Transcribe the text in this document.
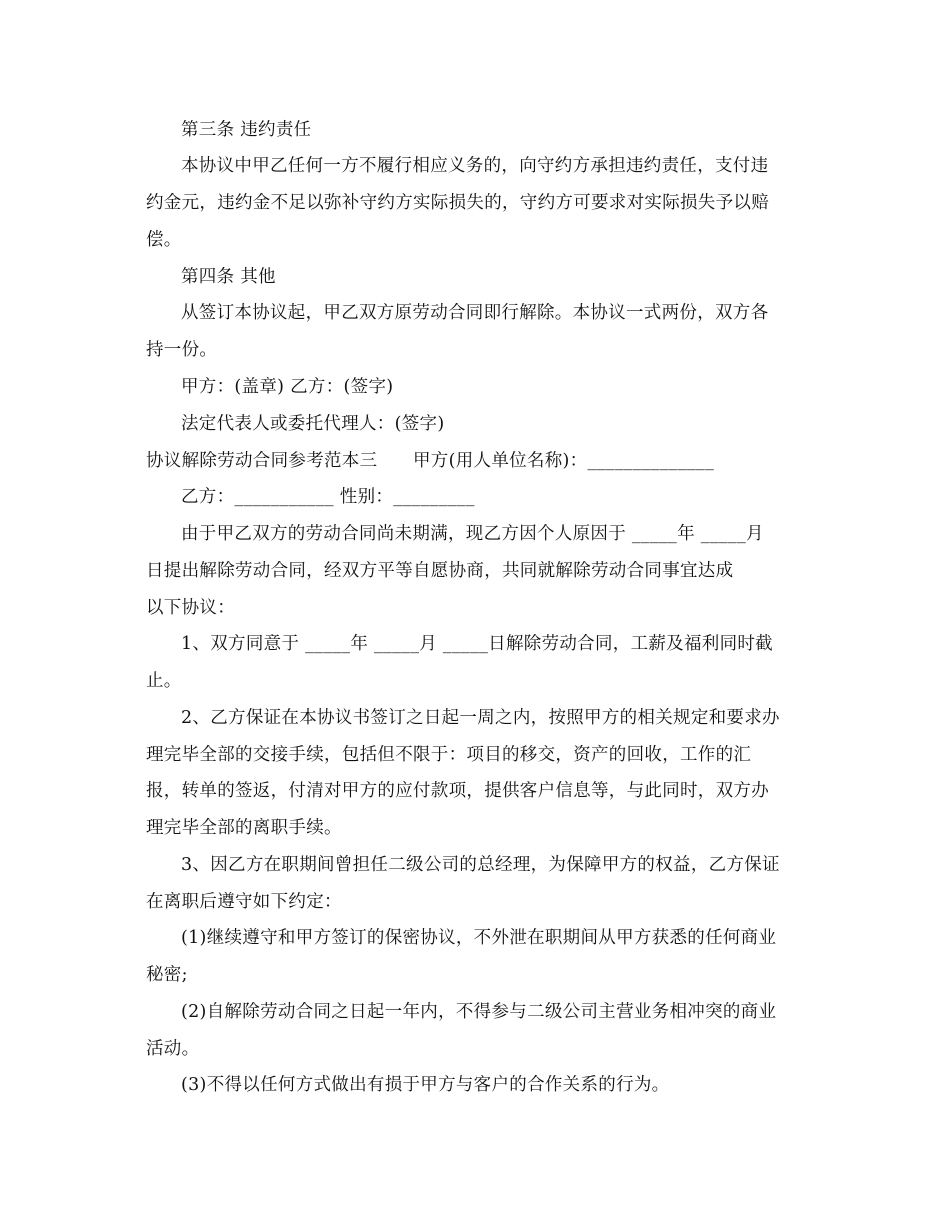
第三条 违约责任
本协议中甲乙任何一方不履行相应义务的，向守约方承担违约责任，支付违
约金元，违约金不足以弥补守约方实际损失的，守约方可要求对实际损失予以赔
偿。
第四条 其他
从签订本协议起，甲乙双方原劳动合同即行解除。本协议一式两份，双方各
持一份。
甲方：(盖章) 乙方：(签字)
法定代表人或委托代理人：(签字)
协议解除劳动合同参考范本三　　甲方(用人单位名称)：______________
乙方：___________ 性别：_________
由于甲乙双方的劳动合同尚未期满，现乙方因个人原因于 _____年 _____月
日提出解除劳动合同，经双方平等自愿协商，共同就解除劳动合同事宜达成
以下协议：
1、双方同意于 _____年 _____月 _____日解除劳动合同，工薪及福利同时截
止。
2、乙方保证在本协议书签订之日起一周之内，按照甲方的相关规定和要求办
理完毕全部的交接手续，包括但不限于：项目的移交，资产的回收，工作的汇
报，转单的签返，付清对甲方的应付款项，提供客户信息等，与此同时，双方办
理完毕全部的离职手续。
3、因乙方在职期间曾担任二级公司的总经理，为保障甲方的权益，乙方保证
在离职后遵守如下约定：
(1)继续遵守和甲方签订的保密协议，不外泄在职期间从甲方获悉的任何商业
秘密;
(2)自解除劳动合同之日起一年内，不得参与二级公司主营业务相冲突的商业
活动。
(3)不得以任何方式做出有损于甲方与客户的合作关系的行为。
